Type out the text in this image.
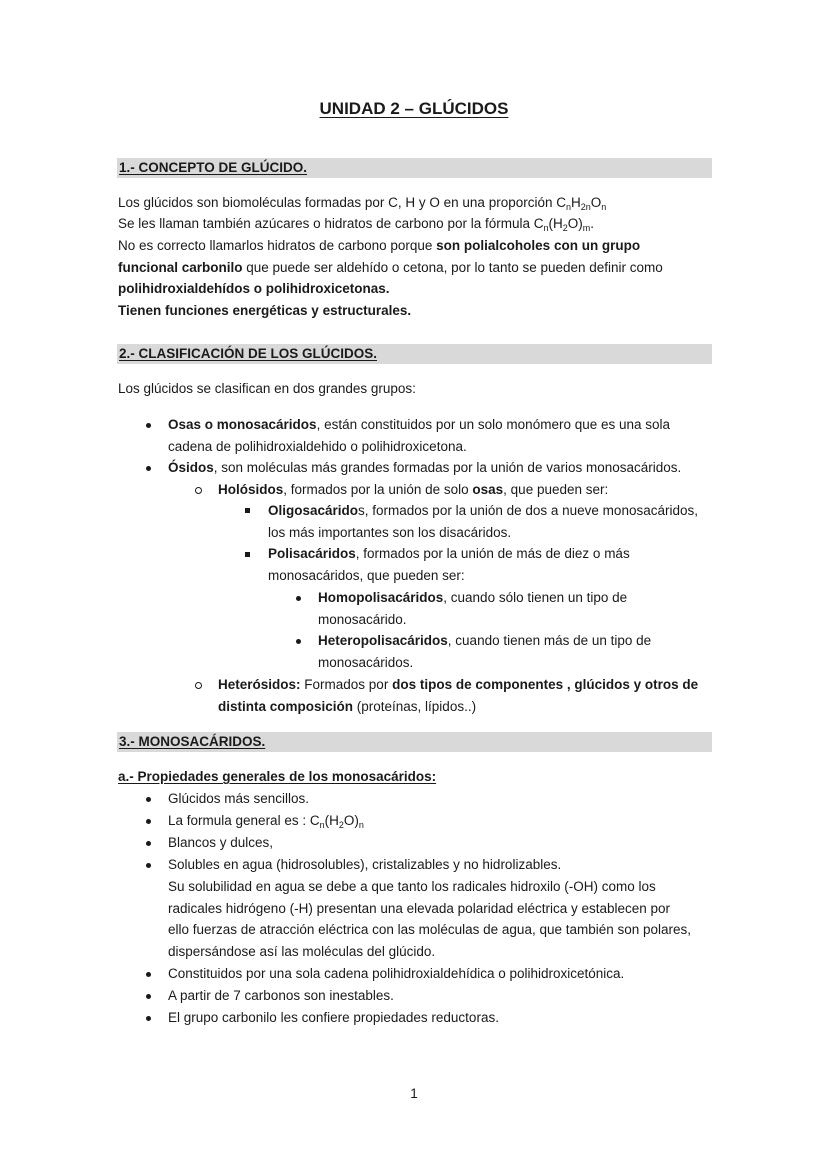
UNIDAD 2 – GLÚCIDOS
1.- CONCEPTO DE GLÚCIDO.
Los glúcidos son biomoléculas formadas por C, H y O en una proporción $C_nH_{2n}O_n$
Se les llaman también azúcares o hidratos de carbono por la fórmula $C_n(H_2O)_m$.
No es correcto llamarlos hidratos de carbono porque son polialcoholes con un grupo
funcional carbonilo que puede ser aldehído o cetona, por lo tanto se pueden definir como
polihidroxialdehídos o polihidroxicetonas.
Tienen funciones energéticas y estructurales.
2.- CLASIFICACIÓN DE LOS GLÚCIDOS.
Los glúcidos se clasifican en dos grandes grupos:
Osas o monosacáridos, están constituidos por un solo monómero que es una sola
cadena de polihidroxialdehido o polihidroxicetona.
Ósidos, son moléculas más grandes formadas por la unión de varios monosacáridos.
Holósidos, formados por la unión de solo osas, que pueden ser:
Oligosacáridos, formados por la unión de dos a nueve monosacáridos,
los más importantes son los disacáridos.
Polisacáridos, formados por la unión de más de diez o más
monosacáridos, que pueden ser:
Homopolisacáridos, cuando sólo tienen un tipo de
monosacárido.
Heteropolisacáridos, cuando tienen más de un tipo de
monosacáridos.
Heterósidos: Formados por dos tipos de componentes , glúcidos y otros de
distinta composición (proteínas, lípidos..)
3.- MONOSACÁRIDOS.
a.- Propiedades generales de los monosacáridos:
Glúcidos más sencillos.
La formula general es : $C_n(H_2O)_n$
Blancos y dulces,
Solubles en agua (hidrosolubles), cristalizables y no hidrolizables.
Su solubilidad en agua se debe a que tanto los radicales hidroxilo (-OH) como los
radicales hidrógeno (-H) presentan una elevada polaridad eléctrica y establecen por
ello fuerzas de atracción eléctrica con las moléculas de agua, que también son polares,
dispersándose así las moléculas del glúcido.
Constituidos por una sola cadena polihidroxialdehídica o polihidroxicetónica.
A partir de 7 carbonos son inestables.
El grupo carbonilo les confiere propiedades reductoras.
1
